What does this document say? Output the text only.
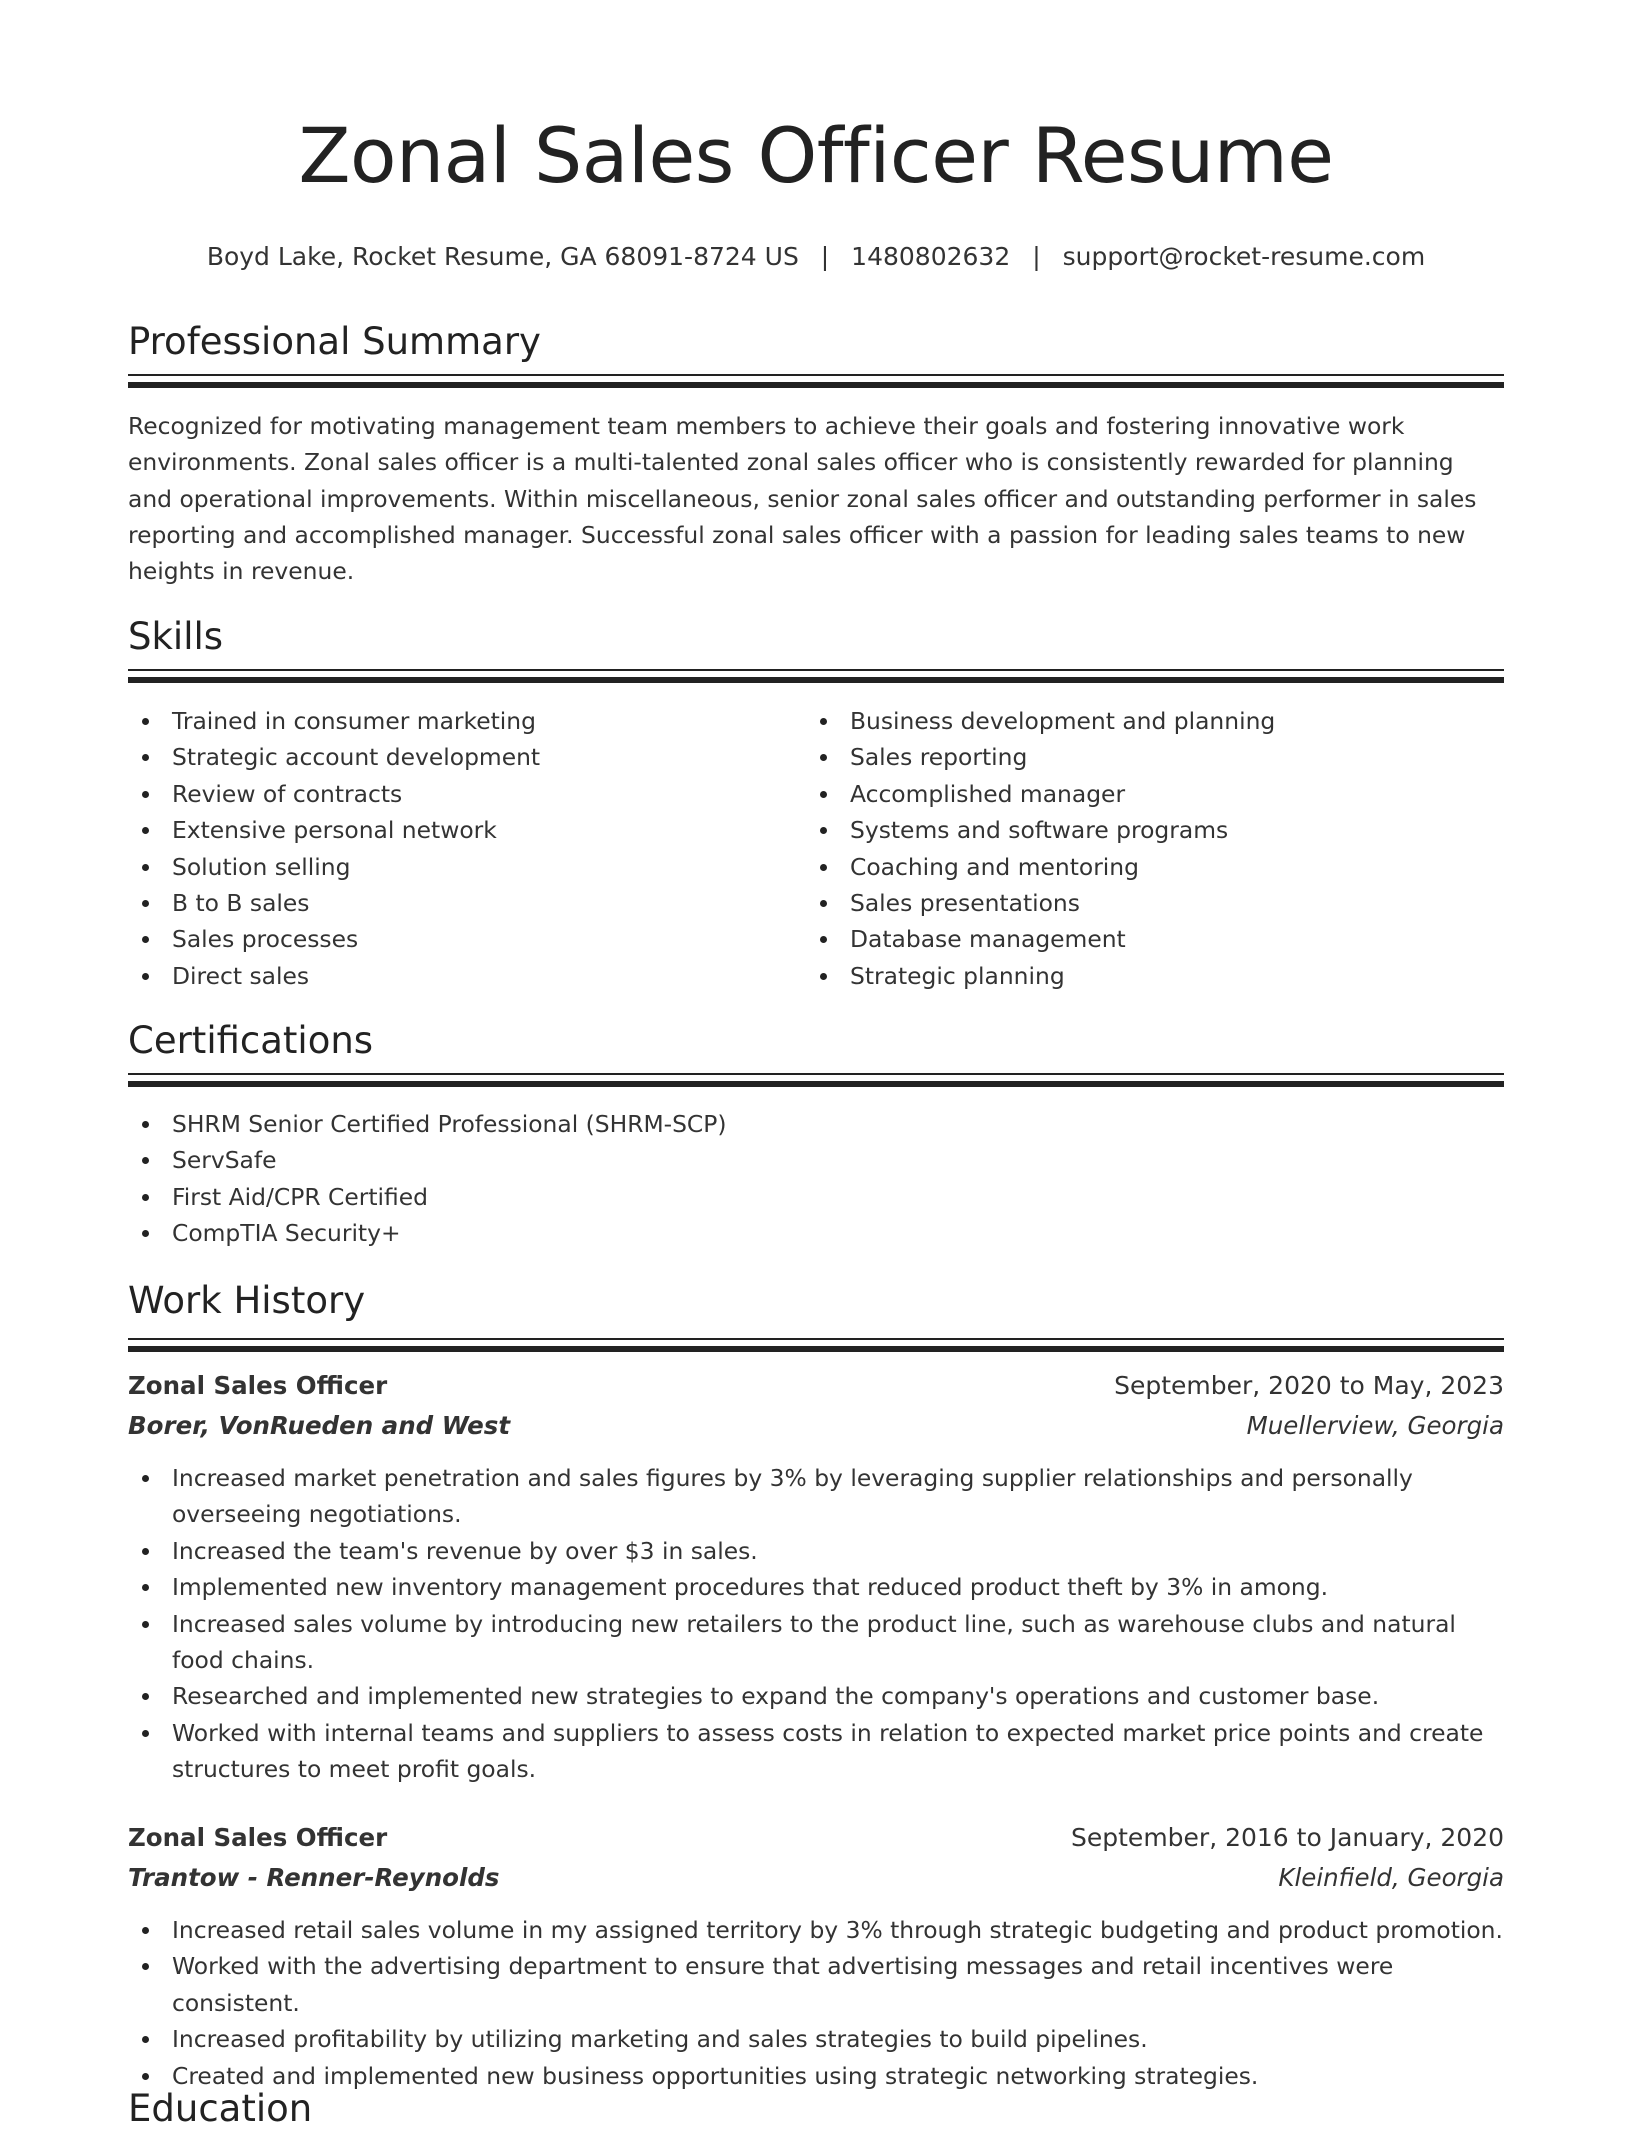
Zonal Sales Officer Resume
Boyd Lake, Rocket Resume, GA 68091-8724 US | 1480802632 | support@rocket-resume.com
Professional Summary

Recognized for motivating management team members to achieve their goals and fostering innovative work environments. Zonal sales officer is a multi-talented zonal sales officer who is consistently rewarded for planning and operational improvements. Within miscellaneous, senior zonal sales officer and outstanding performer in sales reporting and accomplished manager. Successful zonal sales officer with a passion for leading sales teams to new heights in revenue.

Skills
Trained in consumer marketing
Strategic account development
Review of contracts
Extensive personal network
Solution selling
B to B sales
Sales processes
Direct sales
Business development and planning
Sales reporting
Accomplished manager
Systems and software programs
Coaching and mentoring
Sales presentations
Database management
Strategic planning
Certifications
SHRM Senior Certified Professional (SHRM-SCP)
ServSafe
First Aid/CPR Certified
CompTIA Security+
Work History
Zonal Sales Officer	September, 2020 to May, 2023
Borer, VonRueden and West	Muellerview, Georgia
Increased market penetration and sales figures by 3% by leveraging supplier relationships and personally overseeing negotiations.
Increased the team's revenue by over $3 in sales.
Implemented new inventory management procedures that reduced product theft by 3% in among.
Increased sales volume by introducing new retailers to the product line, such as warehouse clubs and natural food chains.
Researched and implemented new strategies to expand the company's operations and customer base.
Worked with internal teams and suppliers to assess costs in relation to expected market price points and create structures to meet profit goals.
Zonal Sales Officer	September, 2016 to January, 2020
Trantow - Renner-Reynolds	Kleinfield, Georgia
Increased retail sales volume in my assigned territory by 3% through strategic budgeting and product promotion.
Worked with the advertising department to ensure that advertising messages and retail incentives were consistent.
Increased profitability by utilizing marketing and sales strategies to build pipelines.
Created and implemented new business opportunities using strategic networking strategies.
Education
